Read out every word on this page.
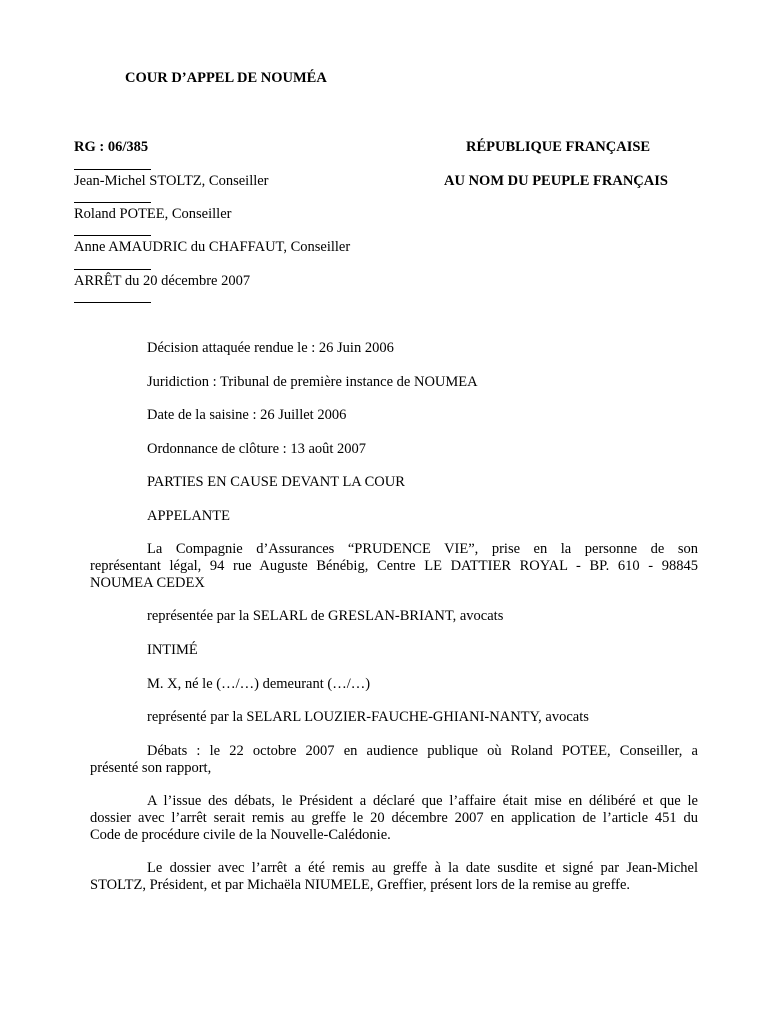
COUR D’APPEL DE NOUMÉA
RG : 06/385	RÉPUBLIQUE FRANÇAISE
Jean-Michel STOLTZ, Conseiller	AU NOM DU PEUPLE FRANÇAIS
Roland POTEE, Conseiller
Anne AMAUDRIC du CHAFFAUT, Conseiller
ARRÊT du 20 décembre 2007
Décision attaquée rendue le : 26 Juin 2006
Juridiction : Tribunal de première instance de NOUMEA
Date de la saisine : 26 Juillet 2006
Ordonnance de clôture : 13 août 2007
PARTIES EN CAUSE DEVANT LA COUR
APPELANTE
La Compagnie d’Assurances “PRUDENCE VIE”, prise en la personne de son
représentant légal, 94 rue Auguste Bénébig, Centre LE DATTIER ROYAL - BP. 610 - 98845
NOUMEA CEDEX
représentée par la SELARL de GRESLAN-BRIANT, avocats
INTIMÉ
M. X, né le (…/…) demeurant (…/…)
représenté par la SELARL LOUZIER-FAUCHE-GHIANI-NANTY, avocats
Débats : le 22 octobre 2007 en audience publique où Roland POTEE, Conseiller, a
présenté son rapport,
A l’issue des débats, le Président a déclaré que l’affaire était mise en délibéré et que le
dossier avec l’arrêt serait remis au greffe le 20 décembre 2007 en application de l’article 451 du
Code de procédure civile de la Nouvelle-Calédonie.
Le dossier avec l’arrêt a été remis au greffe à la date susdite et signé par Jean-Michel
STOLTZ, Président, et par Michaëla NIUMELE, Greffier, présent lors de la remise au greffe.
